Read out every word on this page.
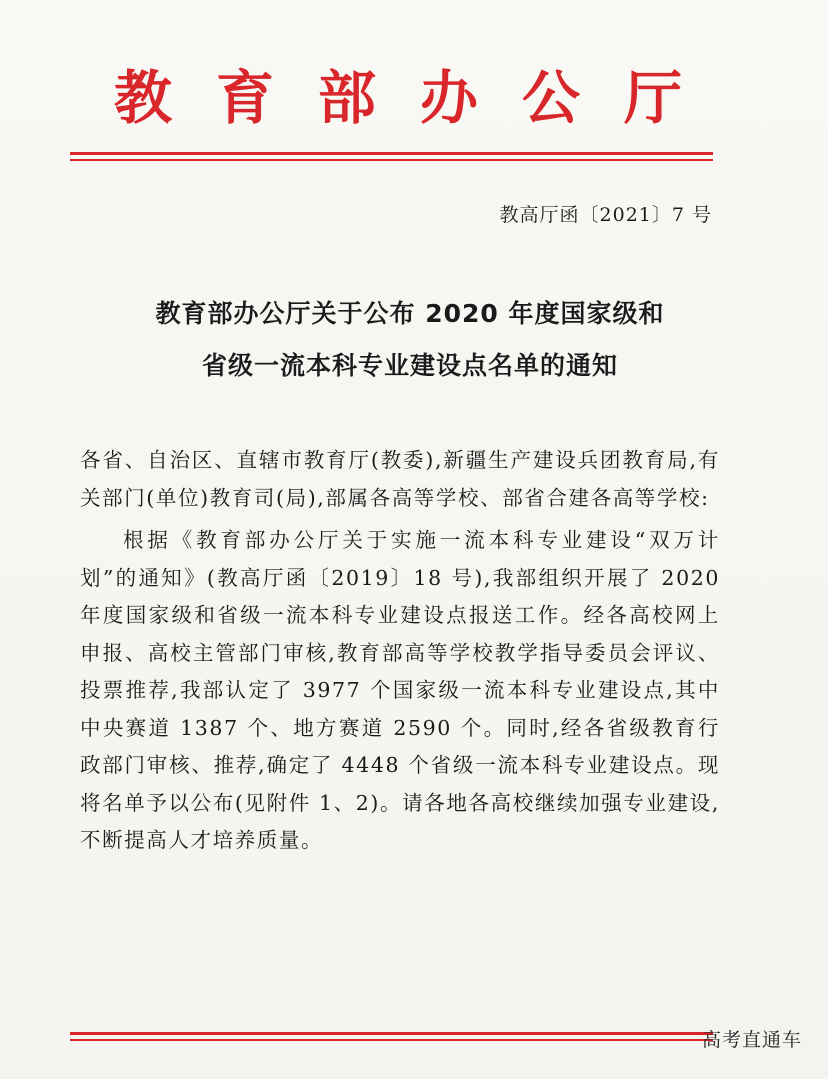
教育部办公厅
教高厅函〔2021〕7 号
教育部办公厅关于公布 2020 年度国家级和
省级一流本科专业建设点名单的通知

各省、自治区、直辖市教育厅(教委),新疆生产建设兵团教育局,有关部门(单位)教育司(局),部属各高等学校、部省合建各高等学校:

根据《教育部办公厅关于实施一流本科专业建设“双万计划”的通知》(教高厅函〔2019〕18 号),我部组织开展了 2020 年度国家级和省级一流本科专业建设点报送工作。经各高校网上申报、高校主管部门审核,教育部高等学校教学指导委员会评议、投票推荐,我部认定了 3977 个国家级一流本科专业建设点,其中中央赛道 1387 个、地方赛道 2590 个。同时,经各省级教育行政部门审核、推荐,确定了 4448 个省级一流本科专业建设点。现将名单予以公布(见附件 1、2)。请各地各高校继续加强专业建设,不断提高人才培养质量。

高考直通车
